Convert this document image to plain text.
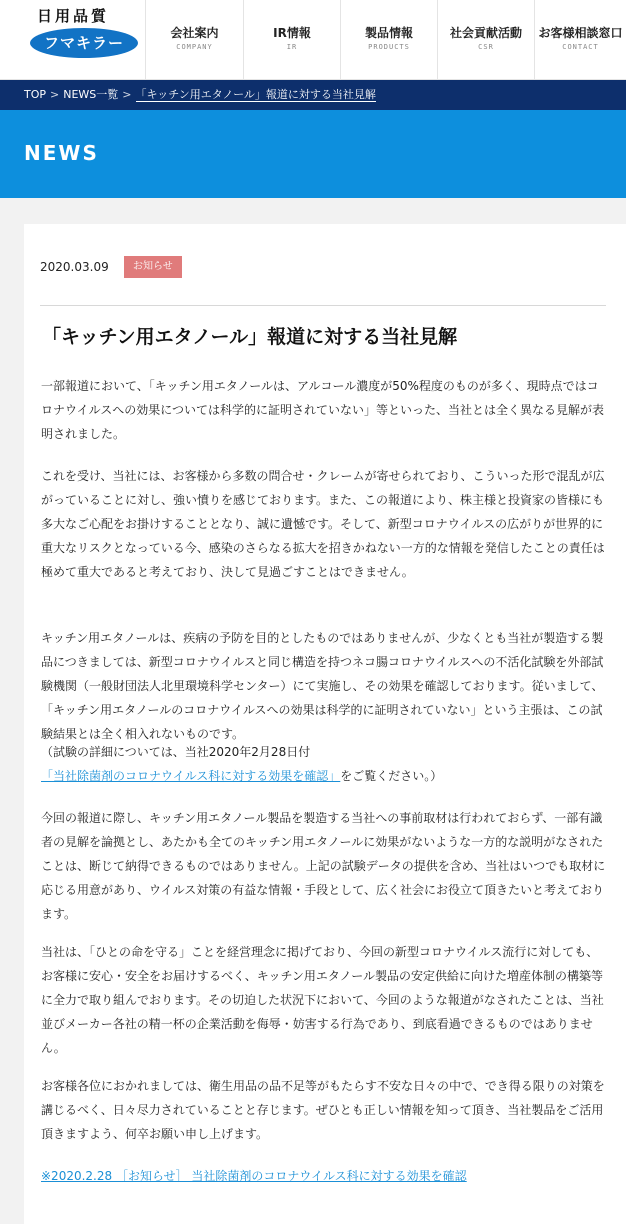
日用品質
フマキラー
会社案内
COMPANY
IR情報
IR
製品情報
PRODUCTS
社会貢献活動
CSR
お客様相談窓口
CONTACT
TOP > NEWS一覧 > 「キッチン用エタノール」報道に対する当社見解
NEWS
2020.03.09	お知らせ
「キッチン用エタノール」報道に対する当社見解

一部報道において、「キッチン用エタノールは、アルコール濃度が50%程度のものが多く、現時点ではコロナウイルスへの効果については科学的に証明されていない」等といった、当社とは全く異なる見解が表明されました。

これを受け、当社には、お客様から多数の問合せ・クレームが寄せられており、こういった形で混乱が広がっていることに対し、強い憤りを感じております。また、この報道により、株主様と投資家の皆様にも多大なご心配をお掛けすることとなり、誠に遺憾です。そして、新型コロナウイルスの広がりが世界的に重大なリスクとなっている今、感染のさらなる拡大を招きかねない一方的な情報を発信したことの責任は極めて重大であると考えており、決して見過ごすことはできません。

キッチン用エタノールは、疾病の予防を目的としたものではありませんが、少なくとも当社が製造する製品につきましては、新型コロナウイルスと同じ構造を持つネコ腸コロナウイルスへの不活化試験を外部試験機関（一般財団法人北里環境科学センター）にて実施し、その効果を確認しております。従いまして、「キッチン用エタノールのコロナウイルスへの効果は科学的に証明されていない」という主張は、この試験結果とは全く相入れないものです。

（試験の詳細については、当社2020年2月28日付「当社除菌剤のコロナウイルス科に対する効果を確認」をご覧ください。）

今回の報道に際し、キッチン用エタノール製品を製造する当社への事前取材は行われておらず、一部有識者の見解を論拠とし、あたかも全てのキッチン用エタノールに効果がないような一方的な説明がなされたことは、断じて納得できるものではありません。上記の試験データの提供を含め、当社はいつでも取材に応じる用意があり、ウイルス対策の有益な情報・手段として、広く社会にお役立て頂きたいと考えております。

当社は、「ひとの命を守る」ことを経営理念に掲げており、今回の新型コロナウイルス流行に対しても、お客様に安心・安全をお届けするべく、キッチン用エタノール製品の安定供給に向けた増産体制の構築等に全力で取り組んでおります。その切迫した状況下において、今回のような報道がなされたことは、当社並びメーカー各社の精一杯の企業活動を侮辱・妨害する行為であり、到底看過できるものではありません。

お客様各位におかれましては、衛生用品の品不足等がもたらす不安な日々の中で、でき得る限りの対策を講じるべく、日々尽力されていることと存じます。ぜひとも正しい情報を知って頂き、当社製品をご活用頂きますよう、何卒お願い申し上げます。

※2020.2.28 ［お知らせ］ 当社除菌剤のコロナウイルス科に対する効果を確認
